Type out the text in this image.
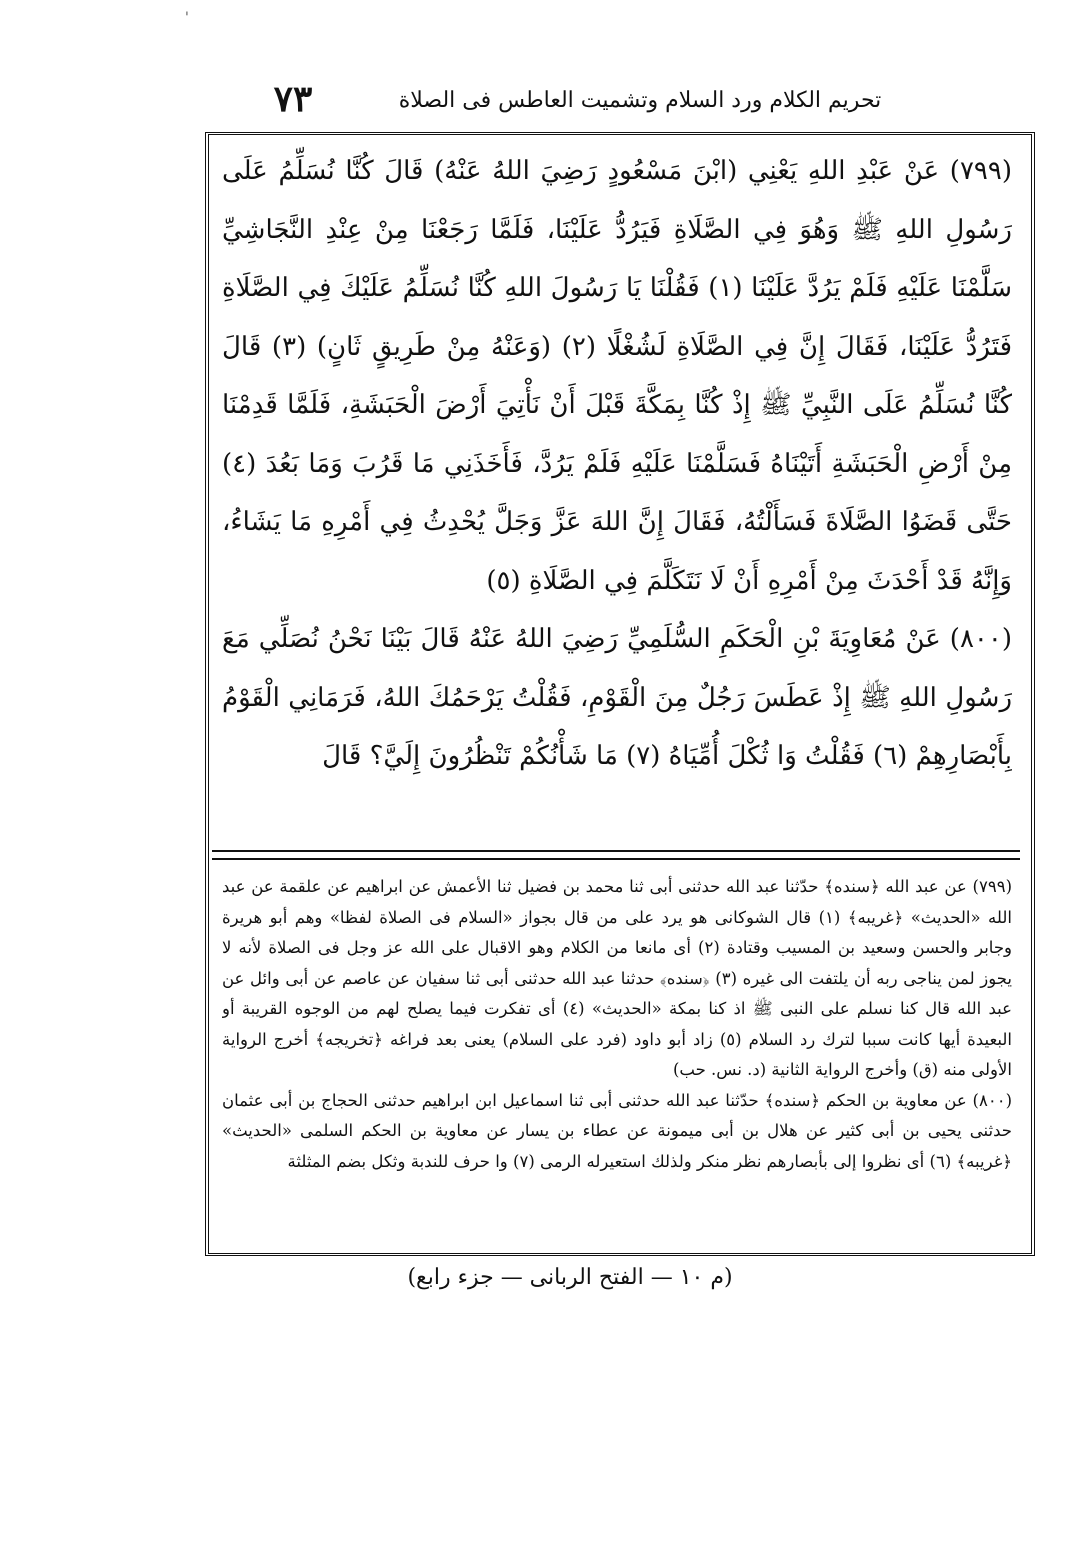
'
٧٣	تحريم الكلام ورد السلام وتشميت العاطس فى الصلاة

(٧٩٩) عَنْ عَبْدِ اللهِ يَعْنِي (ابْنَ مَسْعُودٍ رَضِيَ اللهُ عَنْهُ) قَالَ كُنَّا نُسَلِّمُ عَلَى رَسُولِ اللهِ ﷺ وَهُوَ فِي الصَّلَاةِ فَيَرُدُّ عَلَيْنَا، فَلَمَّا رَجَعْنَا مِنْ عِنْدِ النَّجَاشِيِّ سَلَّمْنَا عَلَيْهِ فَلَمْ يَرُدَّ عَلَيْنَا (١) فَقُلْنَا يَا رَسُولَ اللهِ كُنَّا نُسَلِّمُ عَلَيْكَ فِي الصَّلَاةِ فَتَرُدُّ عَلَيْنَا، فَقَالَ إِنَّ فِي الصَّلَاةِ لَشُغْلًا (٢) (وَعَنْهُ مِنْ طَرِيقٍ ثَانٍ) (٣) قَالَ كُنَّا نُسَلِّمُ عَلَى النَّبِيِّ ﷺ إِذْ كُنَّا بِمَكَّةَ قَبْلَ أَنْ نَأْتِيَ أَرْضَ الْحَبَشَةِ، فَلَمَّا قَدِمْنَا مِنْ أَرْضِ الْحَبَشَةِ أَتَيْنَاهُ فَسَلَّمْنَا عَلَيْهِ فَلَمْ يَرُدَّ، فَأَخَذَنِي مَا قَرُبَ وَمَا بَعُدَ (٤) حَتَّى قَضَوُا الصَّلَاةَ فَسَأَلْتُهُ، فَقَالَ إِنَّ اللهَ عَزَّ وَجَلَّ يُحْدِثُ فِي أَمْرِهِ مَا يَشَاءُ، وَإِنَّهُ قَدْ أَحْدَثَ مِنْ أَمْرِهِ أَنْ لَا نَتَكَلَّمَ فِي الصَّلَاةِ (٥)

(٨٠٠) عَنْ مُعَاوِيَةَ بْنِ الْحَكَمِ السُّلَمِيِّ رَضِيَ اللهُ عَنْهُ قَالَ بَيْنَا نَحْنُ نُصَلِّي مَعَ رَسُولِ اللهِ ﷺ إِذْ عَطَسَ رَجُلٌ مِنَ الْقَوْمِ، فَقُلْتُ يَرْحَمُكَ اللهُ، فَرَمَانِي الْقَوْمُ بِأَبْصَارِهِمْ (٦) فَقُلْتُ وَا ثُكْلَ أُمِّيَاهُ (٧) مَا شَأْنُكُمْ تَنْظُرُونَ إِلَيَّ؟ قَالَ

(٧٩٩) عن عبد الله ﴿سنده﴾ حدّثنا عبد الله حدثنى أبى ثنا محمد بن فضيل ثنا الأعمش عن ابراهيم عن علقمة عن عبد الله «الحديث» ﴿غريبه﴾ (١) قال الشوكانى هو يرد على من قال بجواز «السلام فى الصلاة لفظا» وهم أبو هريرة وجابر والحسن وسعيد بن المسيب وقتادة (٢) أى مانعا من الكلام وهو الاقبال على الله عز وجل فى الصلاة لأنه لا يجوز لمن يناجى ربه أن يلتفت الى غيره (٣) ﴿سنده﴾ حدثنا عبد الله حدثنى أبى ثنا سفيان عن عاصم عن أبى وائل عن عبد الله قال كنا نسلم على النبى ﷺ اذ كنا بمكة «الحديث» (٤) أى تفكرت فيما يصلح لهم من الوجوه القريبة أو البعيدة أيها كانت سببا لترك رد السلام (٥) زاد أبو داود (فرد على السلام) يعنى بعد فراغه ﴿تخريجه﴾ أخرج الرواية الأولى منه (ق) وأخرج الرواية الثانية (د. نس. حب)

(٨٠٠) عن معاوية بن الحكم ﴿سنده﴾ حدّثنا عبد الله حدثنى أبى ثنا اسماعيل ابن ابراهيم حدثنى الحجاج بن أبى عثمان حدثنى يحيى بن أبى كثير عن هلال بن أبى ميمونة عن عطاء بن يسار عن معاوية بن الحكم السلمى «الحديث» ﴿غريبه﴾ (٦) أى نظروا إلى بأبصارهم نظر منكر ولذلك استعيرله الرمى (٧) وا حرف للندبة وثكل بضم المثلثة

(م ١٠ — الفتح الربانى — جزء رابع)
